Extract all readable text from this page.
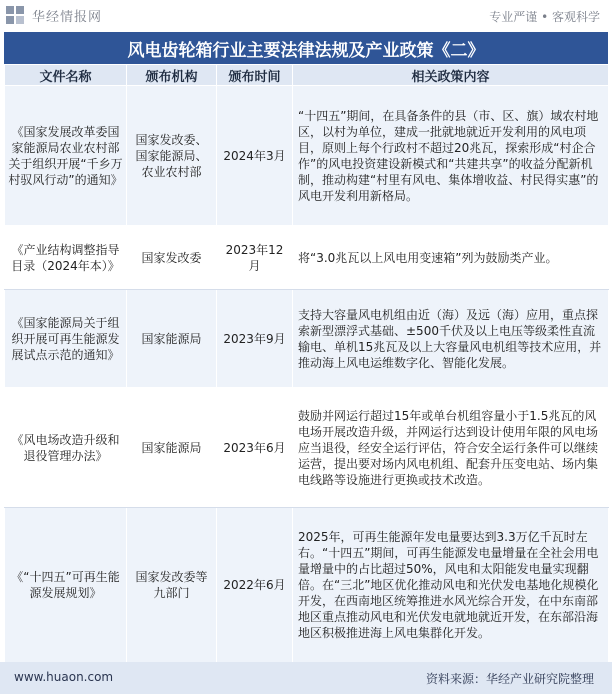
华经情报网	专业严谨 • 客观科学
风电齿轮箱行业主要法律法规及产业政策《二》
文件名称	颁布机构	颁布时间	相关政策内容
《国家发展改革委国家能源局农业农村部关于组织开展“千乡万村驭风行动”的通知》	国家发改委、国家能源局、农业农村部	2024年3月	“十四五”期间，在具备条件的县（市、区、旗）域农村地区，以村为单位，建成一批就地就近开发利用的风电项目，原则上每个行政村不超过20兆瓦，探索形成“村企合作”的风电投资建设新模式和“共建共享”的收益分配新机制，推动构建“村里有风电、集体增收益、村民得实惠”的风电开发利用新格局。
《产业结构调整指导目录（2024年本）》	国家发改委	2023年12月	将“3.0兆瓦以上风电用变速箱”列为鼓励类产业。
《国家能源局关于组织开展可再生能源发展试点示范的通知》	国家能源局	2023年9月	支持大容量风电机组由近（海）及远（海）应用，重点探索新型漂浮式基础、±500千伏及以上电压等级柔性直流输电、单机15兆瓦及以上大容量风电机组等技术应用，并推动海上风电运维数字化、智能化发展。
《风电场改造升级和退役管理办法》	国家能源局	2023年6月	鼓励并网运行超过15年或单台机组容量小于1.5兆瓦的风电场开展改造升级，并网运行达到设计使用年限的风电场应当退役，经安全运行评估，符合安全运行条件可以继续运营，提出要对场内风电机组、配套升压变电站、场内集电线路等设施进行更换或技术改造。
《“十四五”可再生能源发展规划》	国家发改委等九部门	2022年6月	2025年，可再生能源年发电量要达到3.3万亿千瓦时左右。“十四五”期间，可再生能源发电量增量在全社会用电量增量中的占比超过50%，风电和太阳能发电量实现翻倍。在“三北”地区优化推动风电和光伏发电基地化规模化开发，在西南地区统筹推进水风光综合开发，在中东南部地区重点推动风电和光伏发电就地就近开发，在东部沿海地区积极推进海上风电集群化开发。
www.huaon.com	资料来源：华经产业研究院整理
